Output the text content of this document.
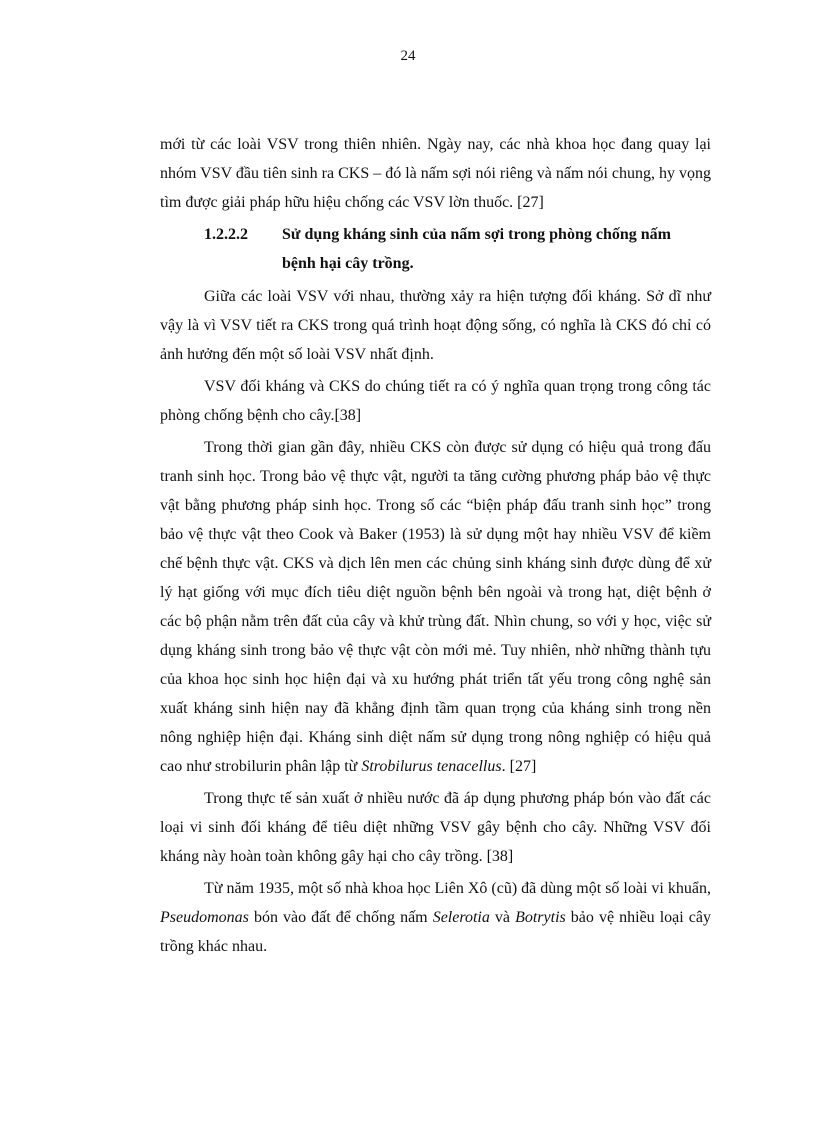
24

mới từ các loài VSV trong thiên nhiên. Ngày nay, các nhà khoa học đang quay lại nhóm VSV đầu tiên sinh ra CKS – đó là nấm sợi nói riêng và nấm nói chung, hy vọng tìm được giải pháp hữu hiệu chống các VSV lờn thuốc. [27]

1.2.2.2	Sử dụng kháng sinh của nấm sợi trong phòng chống nấm
bệnh hại cây trồng.

Giữa các loài VSV với nhau, thường xảy ra hiện tượng đối kháng. Sở dĩ như vậy là vì VSV tiết ra CKS trong quá trình hoạt động sống, có nghĩa là CKS đó chỉ có ảnh hưởng đến một số loài VSV nhất định.

VSV đối kháng và CKS do chúng tiết ra có ý nghĩa quan trọng trong công tác phòng chống bệnh cho cây.[38]

Trong thời gian gần đây, nhiều CKS còn được sử dụng có hiệu quả trong đấu tranh sinh học. Trong bảo vệ thực vật, người ta tăng cường phương pháp bảo vệ thực vật bằng phương pháp sinh học. Trong số các “biện pháp đấu tranh sinh học” trong bảo vệ thực vật theo Cook và Baker (1953) là sử dụng một hay nhiều VSV để kiềm chế bệnh thực vật. CKS và dịch lên men các chủng sinh kháng sinh được dùng để xử lý hạt giống với mục đích tiêu diệt nguồn bệnh bên ngoài và trong hạt, diệt bệnh ở các bộ phận nằm trên đất của cây và khử trùng đất. Nhìn chung, so với y học, việc sử dụng kháng sinh trong bảo vệ thực vật còn mới mẻ. Tuy nhiên, nhờ những thành tựu của khoa học sinh học hiện đại và xu hướng phát triển tất yếu trong công nghệ sản xuất kháng sinh hiện nay đã khẳng định tầm quan trọng của kháng sinh trong nền nông nghiệp hiện đại. Kháng sinh diệt nấm sử dụng trong nông nghiệp có hiệu quả cao như strobilurin phân lập từ Strobilurus tenacellus. [27]

Trong thực tế sản xuất ở nhiều nước đã áp dụng phương pháp bón vào đất các loại vi sinh đối kháng để tiêu diệt những VSV gây bệnh cho cây. Những VSV đối kháng này hoàn toàn không gây hại cho cây trồng. [38]

Từ năm 1935, một số nhà khoa học Liên Xô (cũ) đã dùng một số loài vi khuẩn, Pseudomonas bón vào đất để chống nấm Selerotia và Botrytis bảo vệ nhiều loại cây trồng khác nhau.
